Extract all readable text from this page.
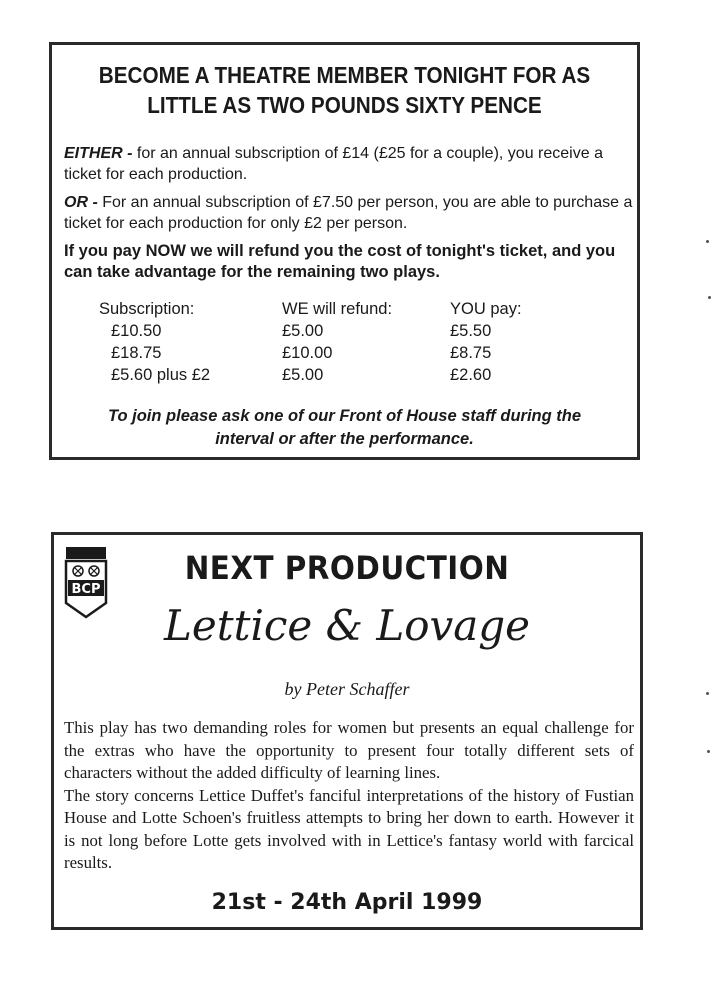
BECOME A THEATRE MEMBER TONIGHT FOR AS
LITTLE AS TWO POUNDS SIXTY PENCE
EITHER - for an annual subscription of £14 (£25 for a couple), you receive a ticket for each production.
OR - For an annual subscription of £7.50 per person, you are able to purchase a ticket for each production for only £2 per person.
If you pay NOW we will refund you the cost of tonight's ticket, and you can take advantage for the remaining two plays.
Subscription:
£10.50
£18.75
£5.60 plus £2
WE will refund:
£5.00
£10.00
£5.00
YOU pay:
£5.50
£8.75
£2.60
To join please ask one of our Front of House staff during the
interval or after the performance.
BCP
NEXT PRODUCTION
Lettice & Lovage
by Peter Schaffer

This play has two demanding roles for women but presents an equal challenge for the extras who have the opportunity to present four totally different sets of characters without the added difficulty of learning lines.

The story concerns Lettice Duffet's fanciful interpretations of the history of Fustian House and Lotte Schoen's fruitless attempts to bring her down to earth. However it is not long before Lotte gets involved with in Lettice's fantasy world with farcical results.

21st - 24th April 1999
